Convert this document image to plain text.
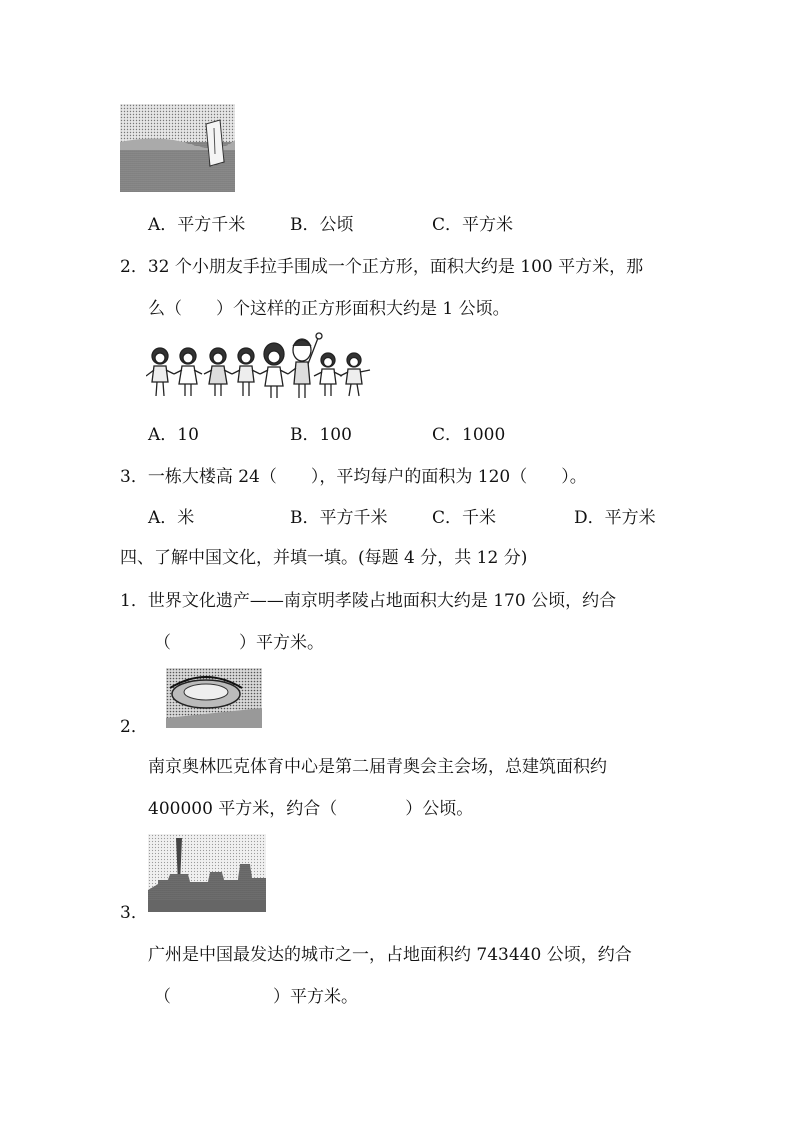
A．平方千米	B．公顷	C．平方米
2．32 个小朋友手拉手围成一个正方形，面积大约是 100 平方米，那
么（　　）个这样的正方形面积大约是 1 公顷。
A．10	B．100	C．1000
3．一栋大楼高 24（　　），平均每户的面积为 120（　　）。
A．米	B．平方千米	C．千米	D．平方米
四、了解中国文化，并填一填。(每题 4 分，共 12 分)
1．世界文化遗产——南京明孝陵占地面积大约是 170 公顷，约合
（　　　　）平方米。
2．
南京奥林匹克体育中心是第二届青奥会主会场，总建筑面积约
400000 平方米，约合（　　　　）公顷。
3．
广州是中国最发达的城市之一，占地面积约 743440 公顷，约合
（　　　　　　）平方米。
